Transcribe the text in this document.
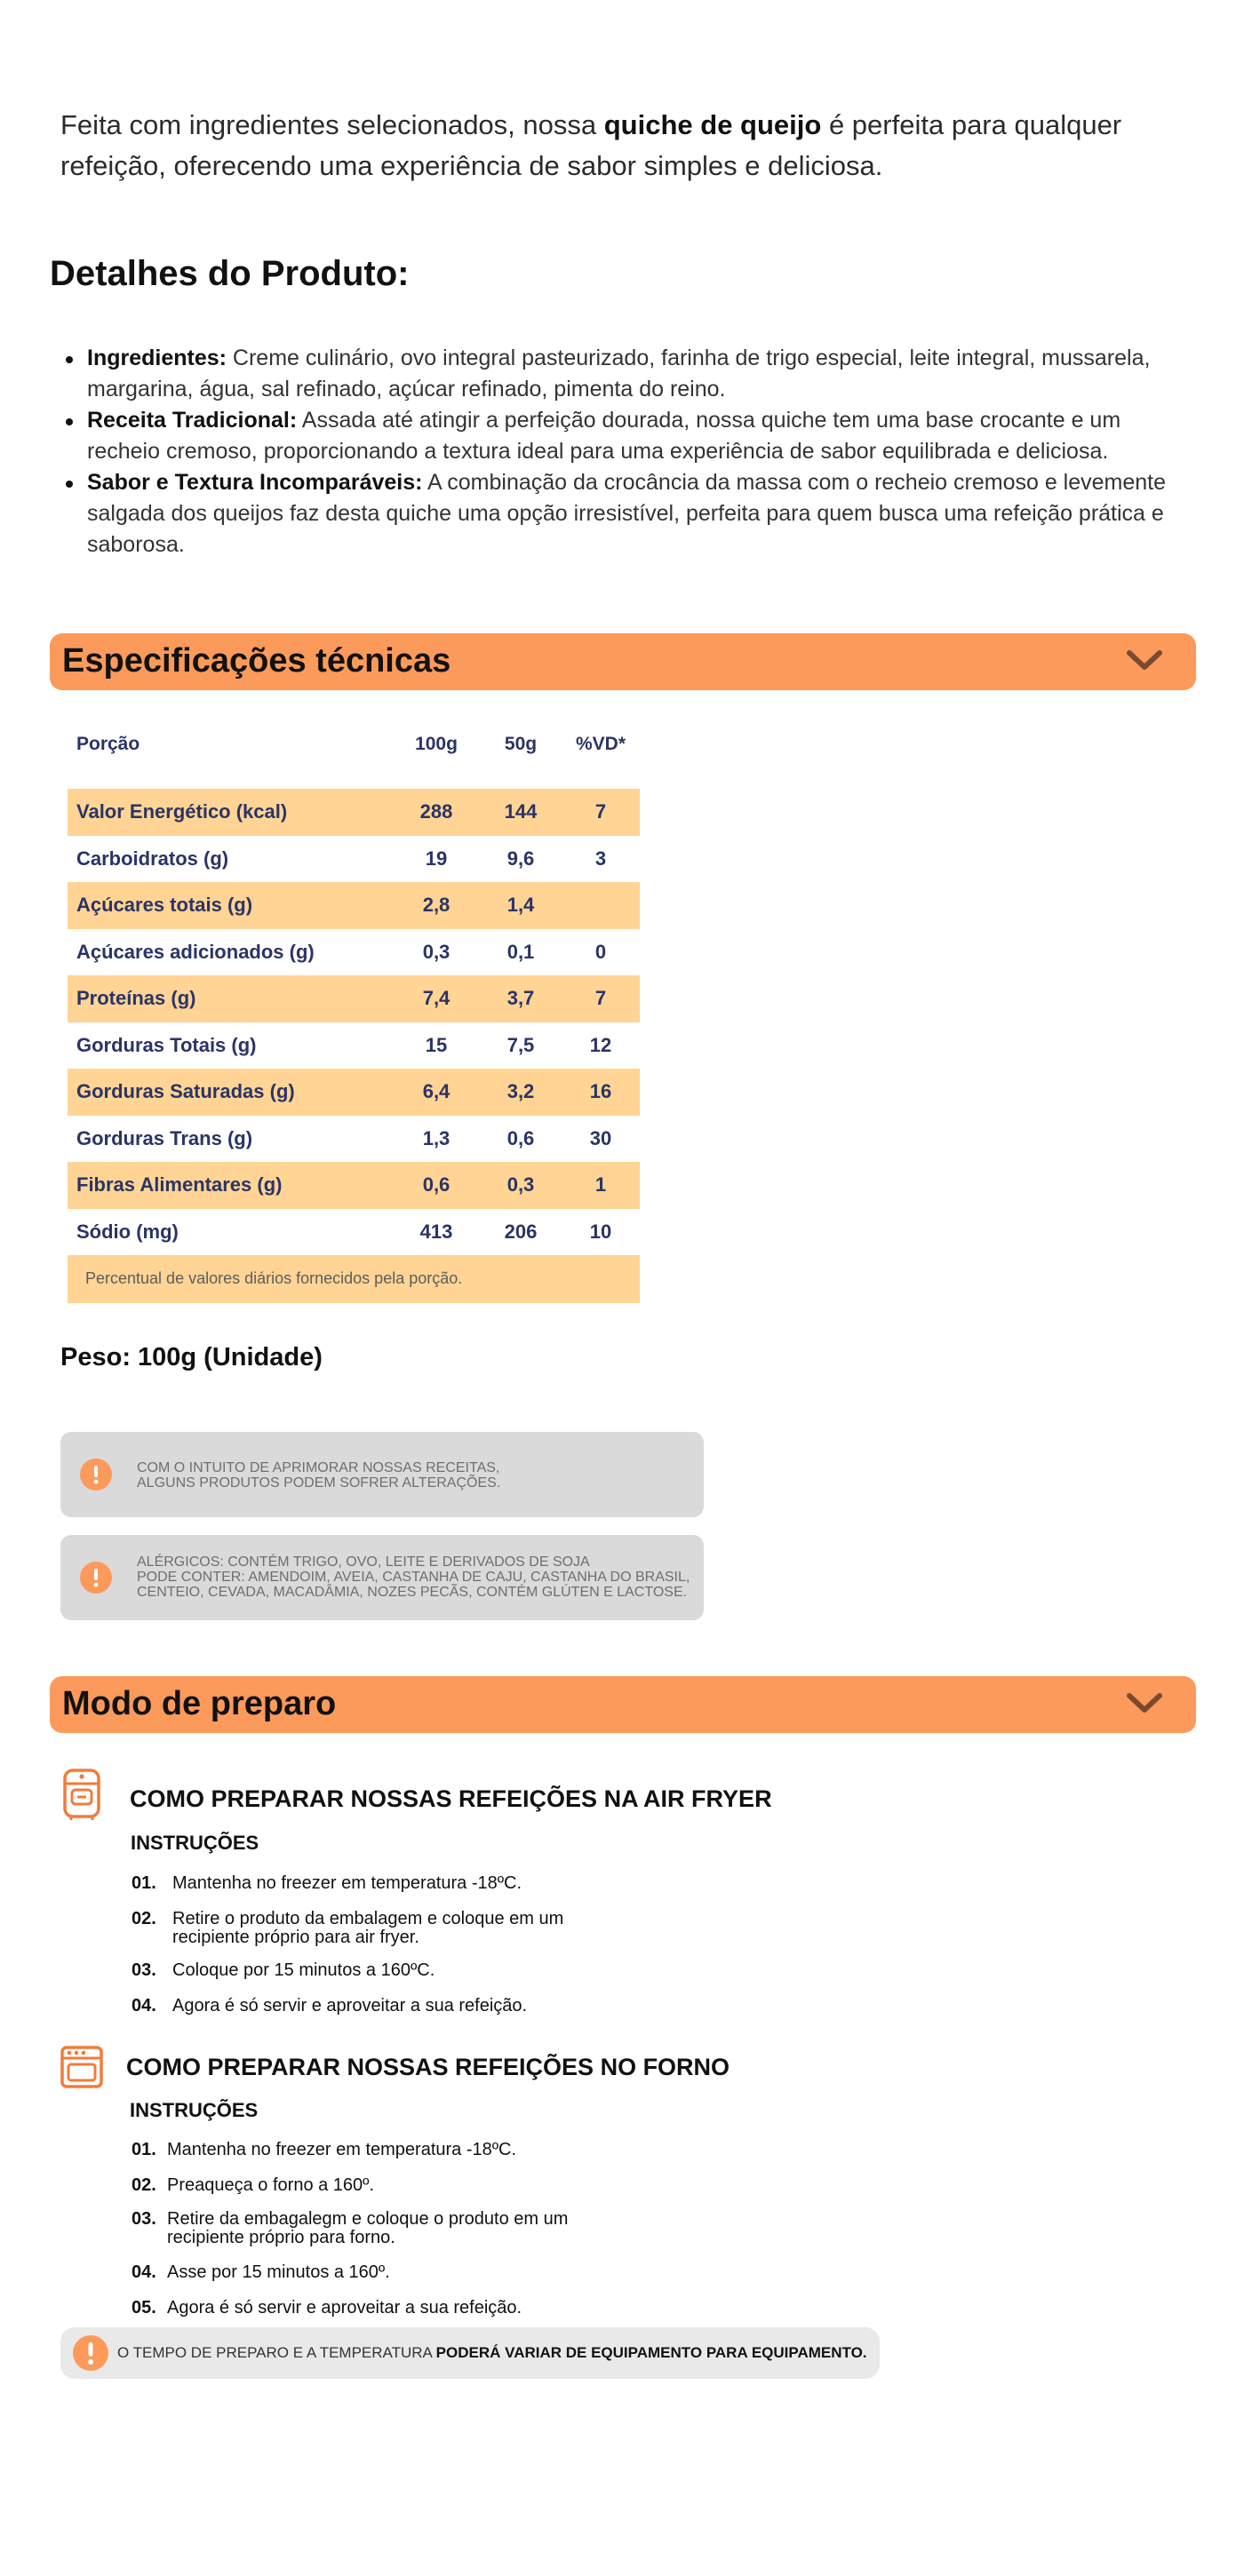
Feita com ingredientes selecionados, nossa quiche de queijo é perfeita para qualquer refeição, oferecendo uma experiência de sabor simples e deliciosa.

Detalhes do Produto:
Ingredientes: Creme culinário, ovo integral pasteurizado, farinha de trigo especial, leite integral, mussarela, margarina, água, sal refinado, açúcar refinado, pimenta do reino.
Receita Tradicional: Assada até atingir a perfeição dourada, nossa quiche tem uma base crocante e um recheio cremoso, proporcionando a textura ideal para uma experiência de sabor equilibrada e deliciosa.
Sabor e Textura Incomparáveis: A combinação da crocância da massa com o recheio cremoso e levemente salgada dos queijos faz desta quiche uma opção irresistível, perfeita para quem busca uma refeição prática e saborosa.
Especificações técnicas
Porção	100g	50g	%VD*
Valor Energético (kcal)	288	144	7
Carboidratos (g)	19	9,6	3
Açúcares totais (g)	2,8	1,4
Açúcares adicionados (g)	0,3	0,1	0
Proteínas (g)	7,4	3,7	7
Gorduras Totais (g)	15	7,5	12
Gorduras Saturadas (g)	6,4	3,2	16
Gorduras Trans (g)	1,3	0,6	30
Fibras Alimentares (g)	0,6	0,3	1
Sódio (mg)	413	206	10
Percentual de valores diários fornecidos pela porção.
Peso: 100g (Unidade)
COM O INTUITO DE APRIMORAR NOSSAS RECEITAS,
ALGUNS PRODUTOS PODEM SOFRER ALTERAÇÕES.
ALÉRGICOS: CONTÉM TRIGO, OVO, LEITE E DERIVADOS DE SOJA
PODE CONTER: AMENDOIM, AVEIA, CASTANHA DE CAJU, CASTANHA DO BRASIL,
CENTEIO, CEVADA, MACADÂMIA, NOZES PECÃS, CONTÉM GLÚTEN E LACTOSE.
Modo de preparo
COMO PREPARAR NOSSAS REFEIÇÕES NA AIR FRYER
INSTRUÇÕES
01. Mantenha no freezer em temperatura -18ºC.
02. Retire o produto da embalagem e coloque em um recipiente próprio para air fryer.
03. Coloque por 15 minutos a 160ºC.
04. Agora é só servir e aproveitar a sua refeição.
COMO PREPARAR NOSSAS REFEIÇÕES NO FORNO
INSTRUÇÕES
01. Mantenha no freezer em temperatura -18ºC.
02. Preaqueça o forno a 160º.
03. Retire da embagalegm e coloque o produto em um recipiente próprio para forno.
04. Asse por 15 minutos a 160º.
05. Agora é só servir e aproveitar a sua refeição.
O TEMPO DE PREPARO E A TEMPERATURA PODERÁ VARIAR DE EQUIPAMENTO PARA EQUIPAMENTO.
